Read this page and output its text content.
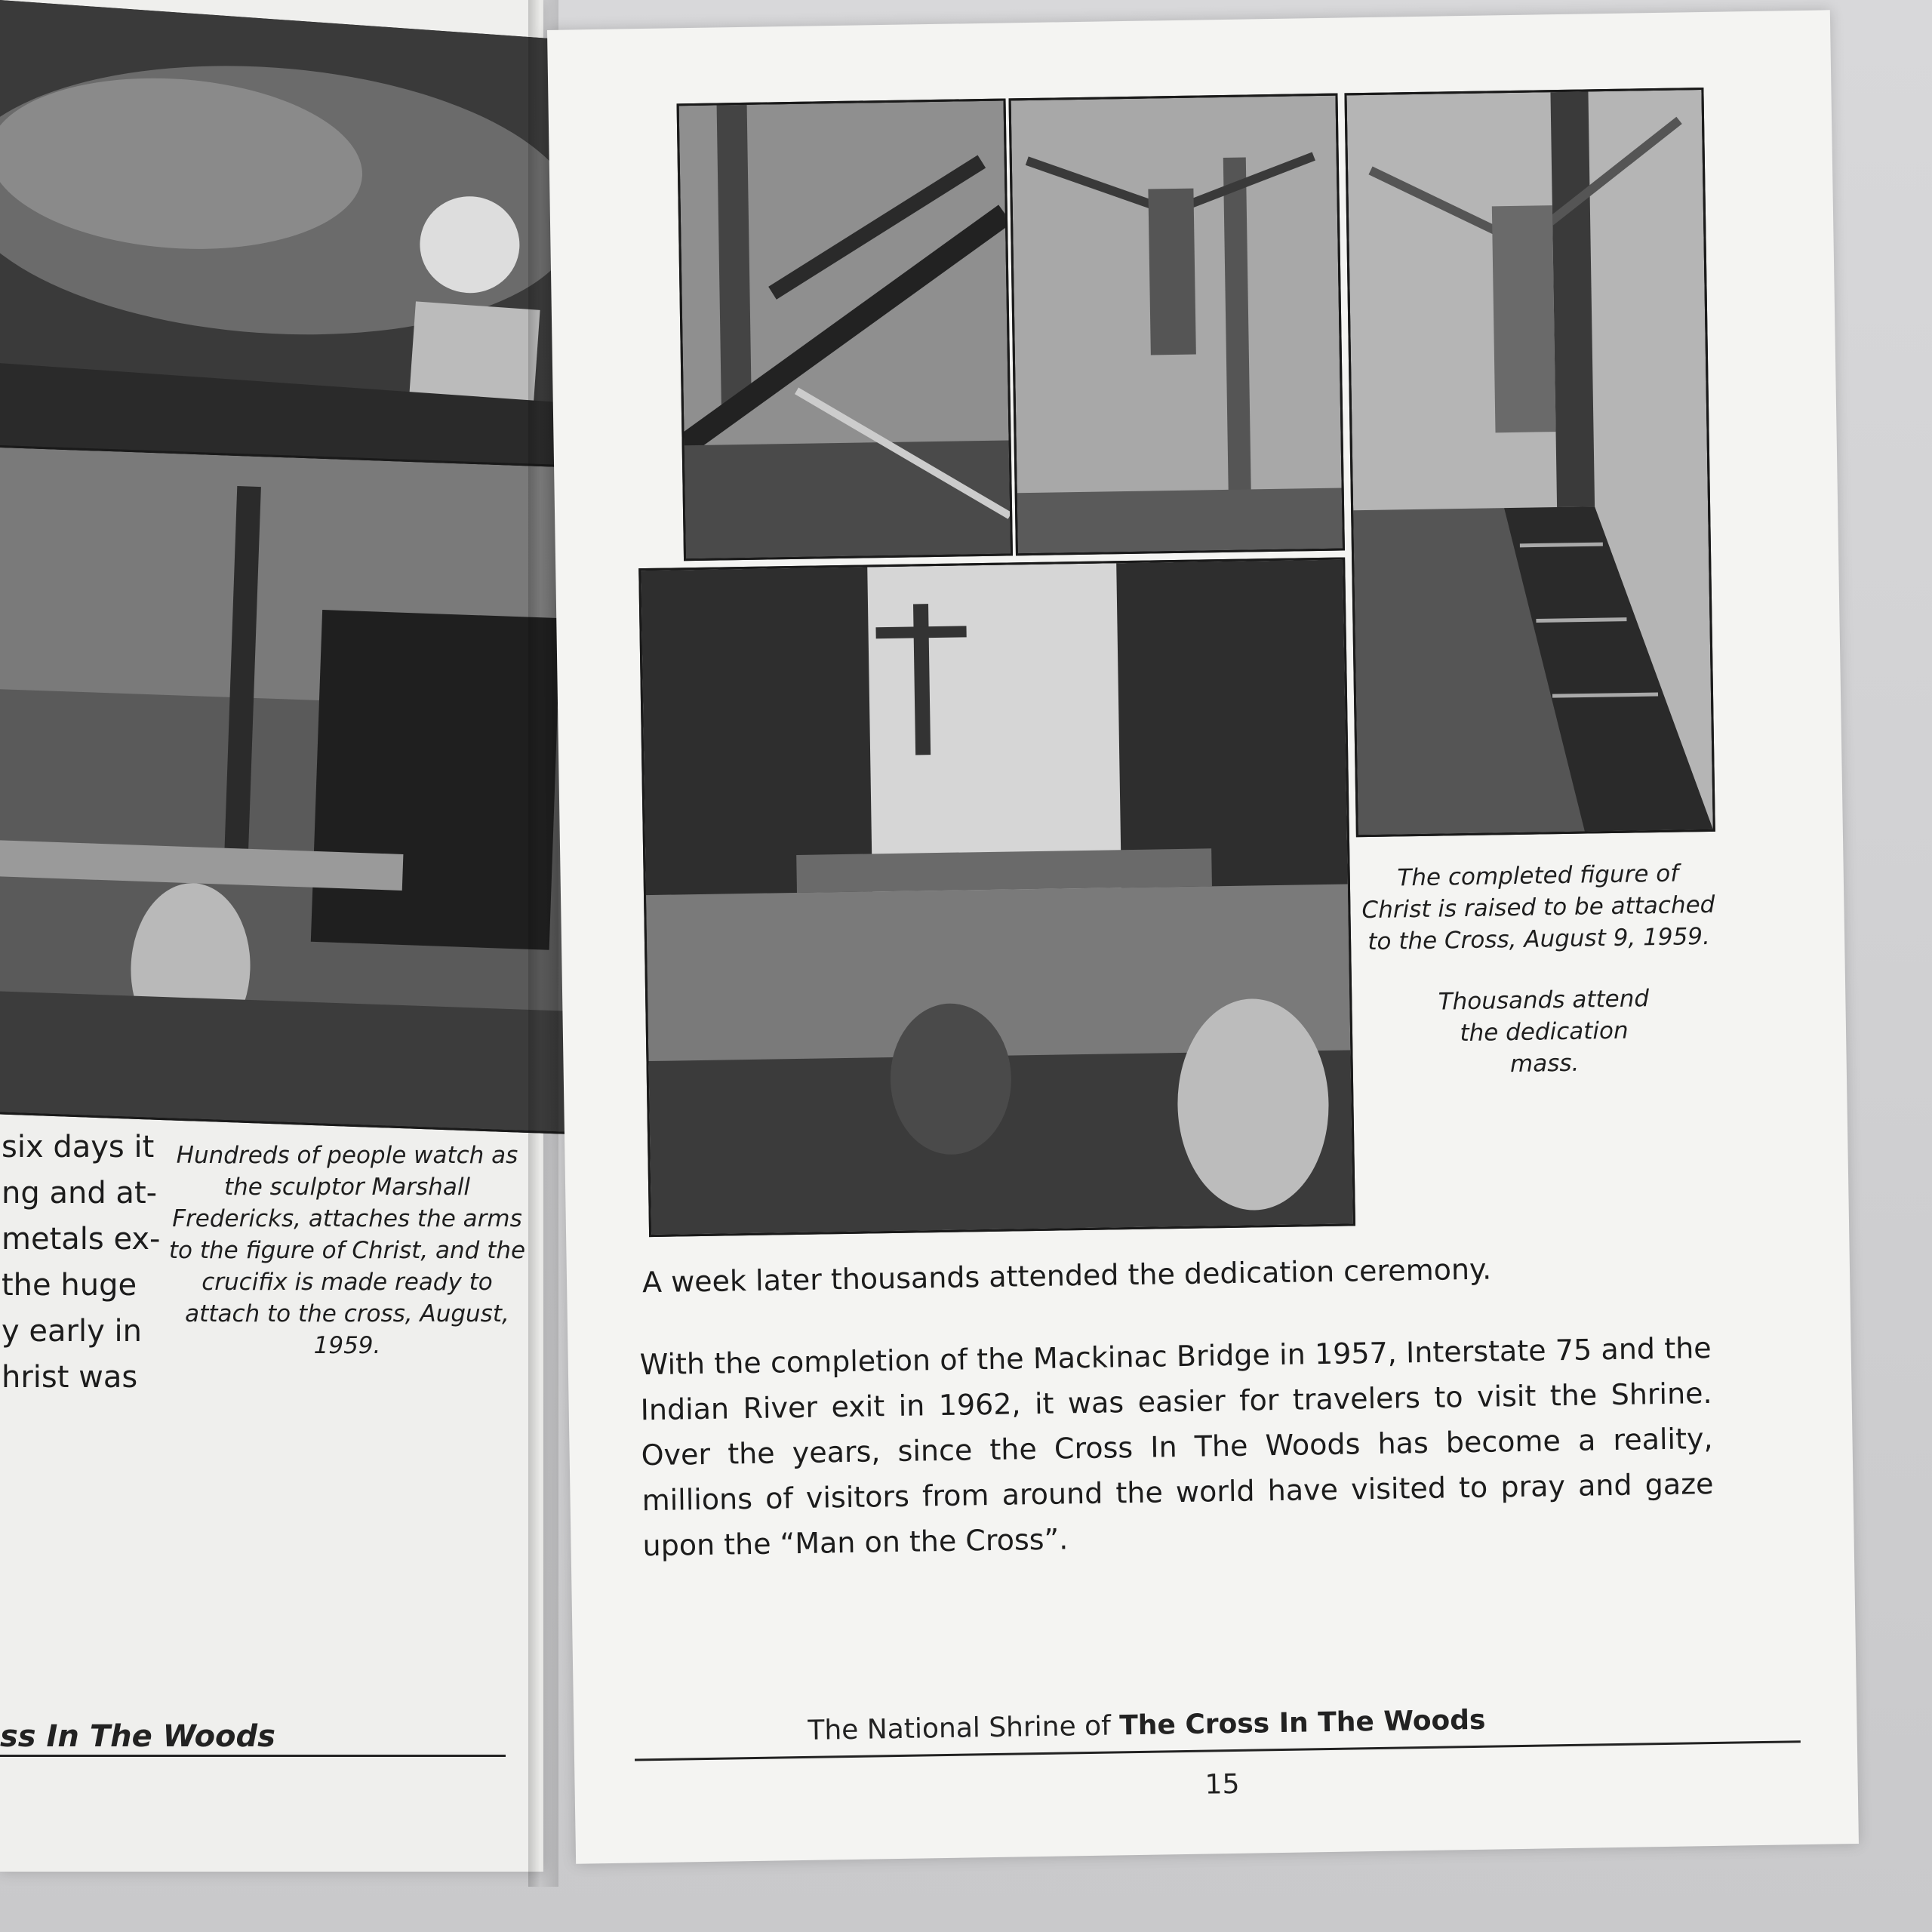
six days it
ng and at-
metals ex-
the huge
y early in
hrist was
Hundreds of people watch as the sculptor Marshall Fredericks, attaches the arms to the figure of Christ, and the crucifix is made ready to attach to the cross, August, 1959.
ss In The Woods
The completed figure of Christ is raised to be attached to the Cross, August 9, 1959.
Thousands attend the dedication mass.
A week later thousands attended the dedication ceremony.
With the completion of the Mackinac Bridge in 1957, Interstate 75 and the Indian River exit in 1962, it was easier for travelers to visit the Shrine. Over the years, since the Cross In The Woods has become a reality, millions of visitors from around the world have visited to pray and gaze upon the “Man on the Cross”.
The National Shrine of The Cross In The Woods
15
